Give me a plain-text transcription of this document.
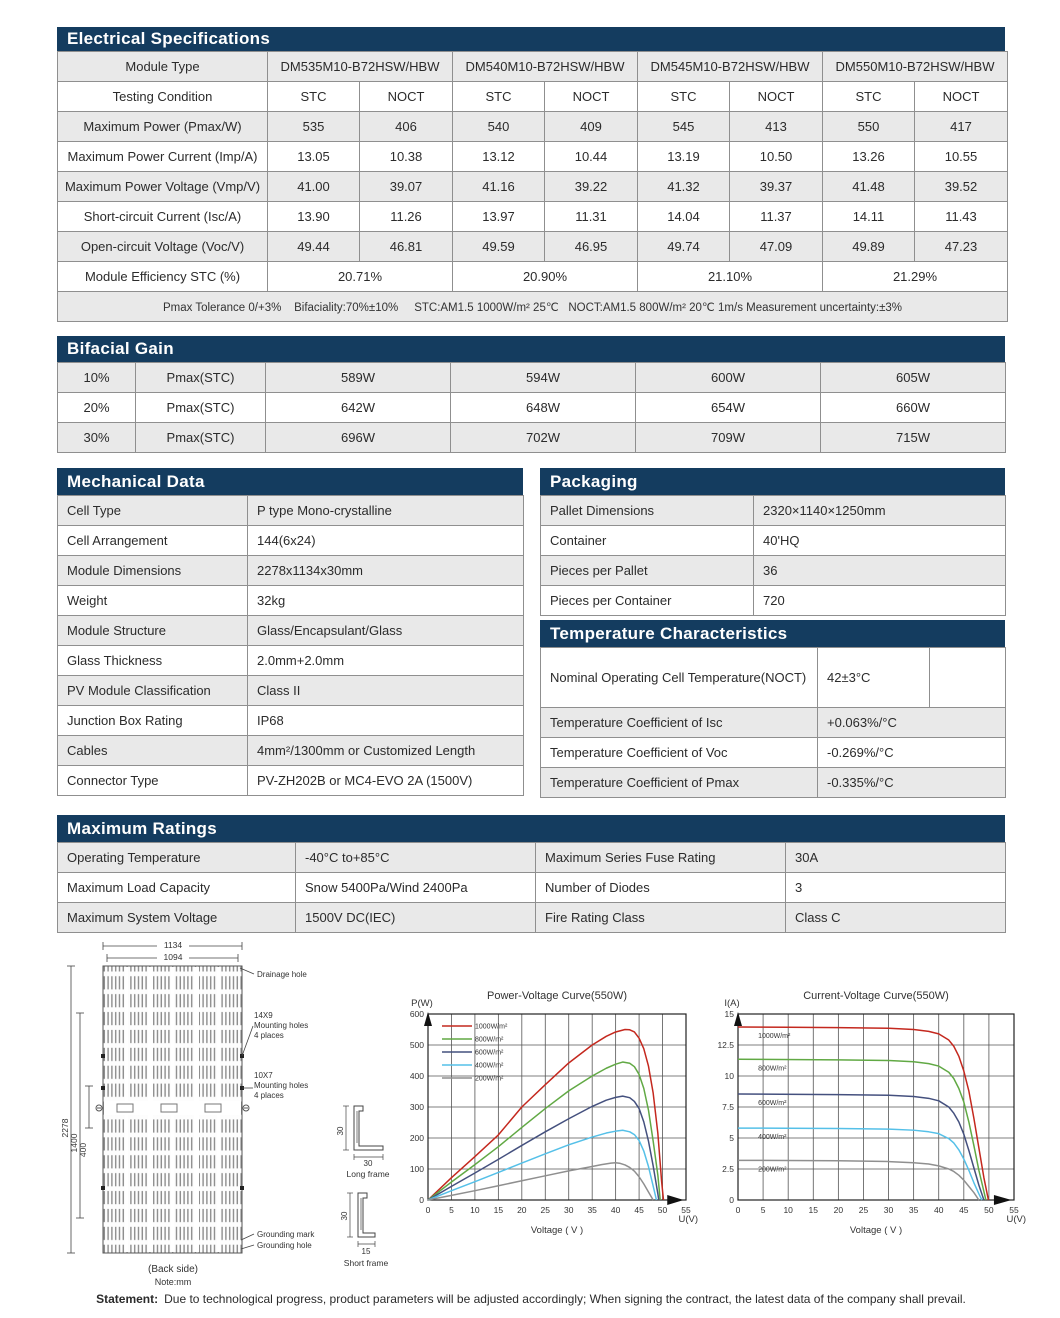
Electrical Specifications
Module Type	DM535M10-B72HSW/HBW		DM540M10-B72HSW/HBW		DM545M10-B72HSW/HBW		DM550M10-B72HSW/HBW	
Testing Condition	STC	NOCT	STC	NOCT	STC	NOCT	STC	NOCT
Maximum Power (Pmax/W)	535	406	540	409	545	413	550	417
Maximum Power Current (Imp/A)	13.05	10.38	13.12	10.44	13.19	10.50	13.26	10.55
Maximum Power Voltage (Vmp/V)	41.00	39.07	41.16	39.22	41.32	39.37	41.48	39.52
Short-circuit Current (Isc/A)	13.90	11.26	13.97	11.31	14.04	11.37	14.11	11.43
Open-circuit Voltage (Voc/V)	49.44	46.81	49.59	46.95	49.74	47.09	49.89	47.23
Module Efficiency STC (%)	20.71%		20.90%		21.10%		21.29%	
Pmax Tolerance 0/+3%    Bifaciality:70%±10%     STC:AM1.5 1000W/m² 25℃   NOCT:AM1.5 800W/m² 20℃ 1m/s Measurement uncertainty:±3%								
Bifacial Gain
10%	Pmax(STC)	589W	594W	600W	605W
20%	Pmax(STC)	642W	648W	654W	660W
30%	Pmax(STC)	696W	702W	709W	715W
Mechanical Data
Cell Type	P type Mono-crystalline
Cell Arrangement	144(6x24)
Module Dimensions	2278x1134x30mm
Weight	32kg
Module Structure	Glass/Encapsulant/Glass
Glass Thickness	2.0mm+2.0mm
PV Module Classification	Class II
Junction Box Rating	IP68
Cables	4mm²/1300mm or Customized Length
Connector Type	PV-ZH202B or MC4-EVO 2A (1500V)
Packaging
Pallet Dimensions	2320×1140×1250mm
Container	40'HQ
Pieces per Pallet	36
Pieces per Container	720
Temperature Characteristics
Nominal Operating Cell Temperature(NOCT)	42±3°C	
Temperature Coefficient of Isc	+0.063%/°C	
Temperature Coefficient of Voc	-0.269%/°C	
Temperature Coefficient of Pmax	-0.335%/°C	
Maximum Ratings
Operating Temperature	-40°C to+85°C	Maximum Series Fuse Rating	30A
Maximum Load Capacity	Snow 5400Pa/Wind 2400Pa	Number of Diodes	3
Maximum System Voltage	1500V DC(IEC)	Fire Rating Class	Class C
1134
1094
2278
1400 400
Drainage hole
14X9
Mounting holes
4 places
10X7
Mounting holes
4 places
Grounding mark
Grounding hole
(Back side)
Note:mm
30
30
Long frame
30
15
Short frame
Power-Voltage Curve(550W)
P(W)
Voltage ( V )
U(V)
0 5 10 15 20 25 30 35 40 45 50 55
0
100
200
300
400
500
600
1000W/m²
800W/m²
600W/m²
400W/m²
200W/m²
Current-Voltage Curve(550W)
I(A)
Voltage ( V )
U(V)
0 5 10 15 20 25 30 35 40 45 50 55
0
2.5
5
7.5
10
12.5
15
1000W/m²
800W/m²
600W/m²
400W/m²
200W/m²
Statement: Due to technological progress, product parameters will be adjusted accordingly; When signing the contract, the latest data of the company shall prevail.
